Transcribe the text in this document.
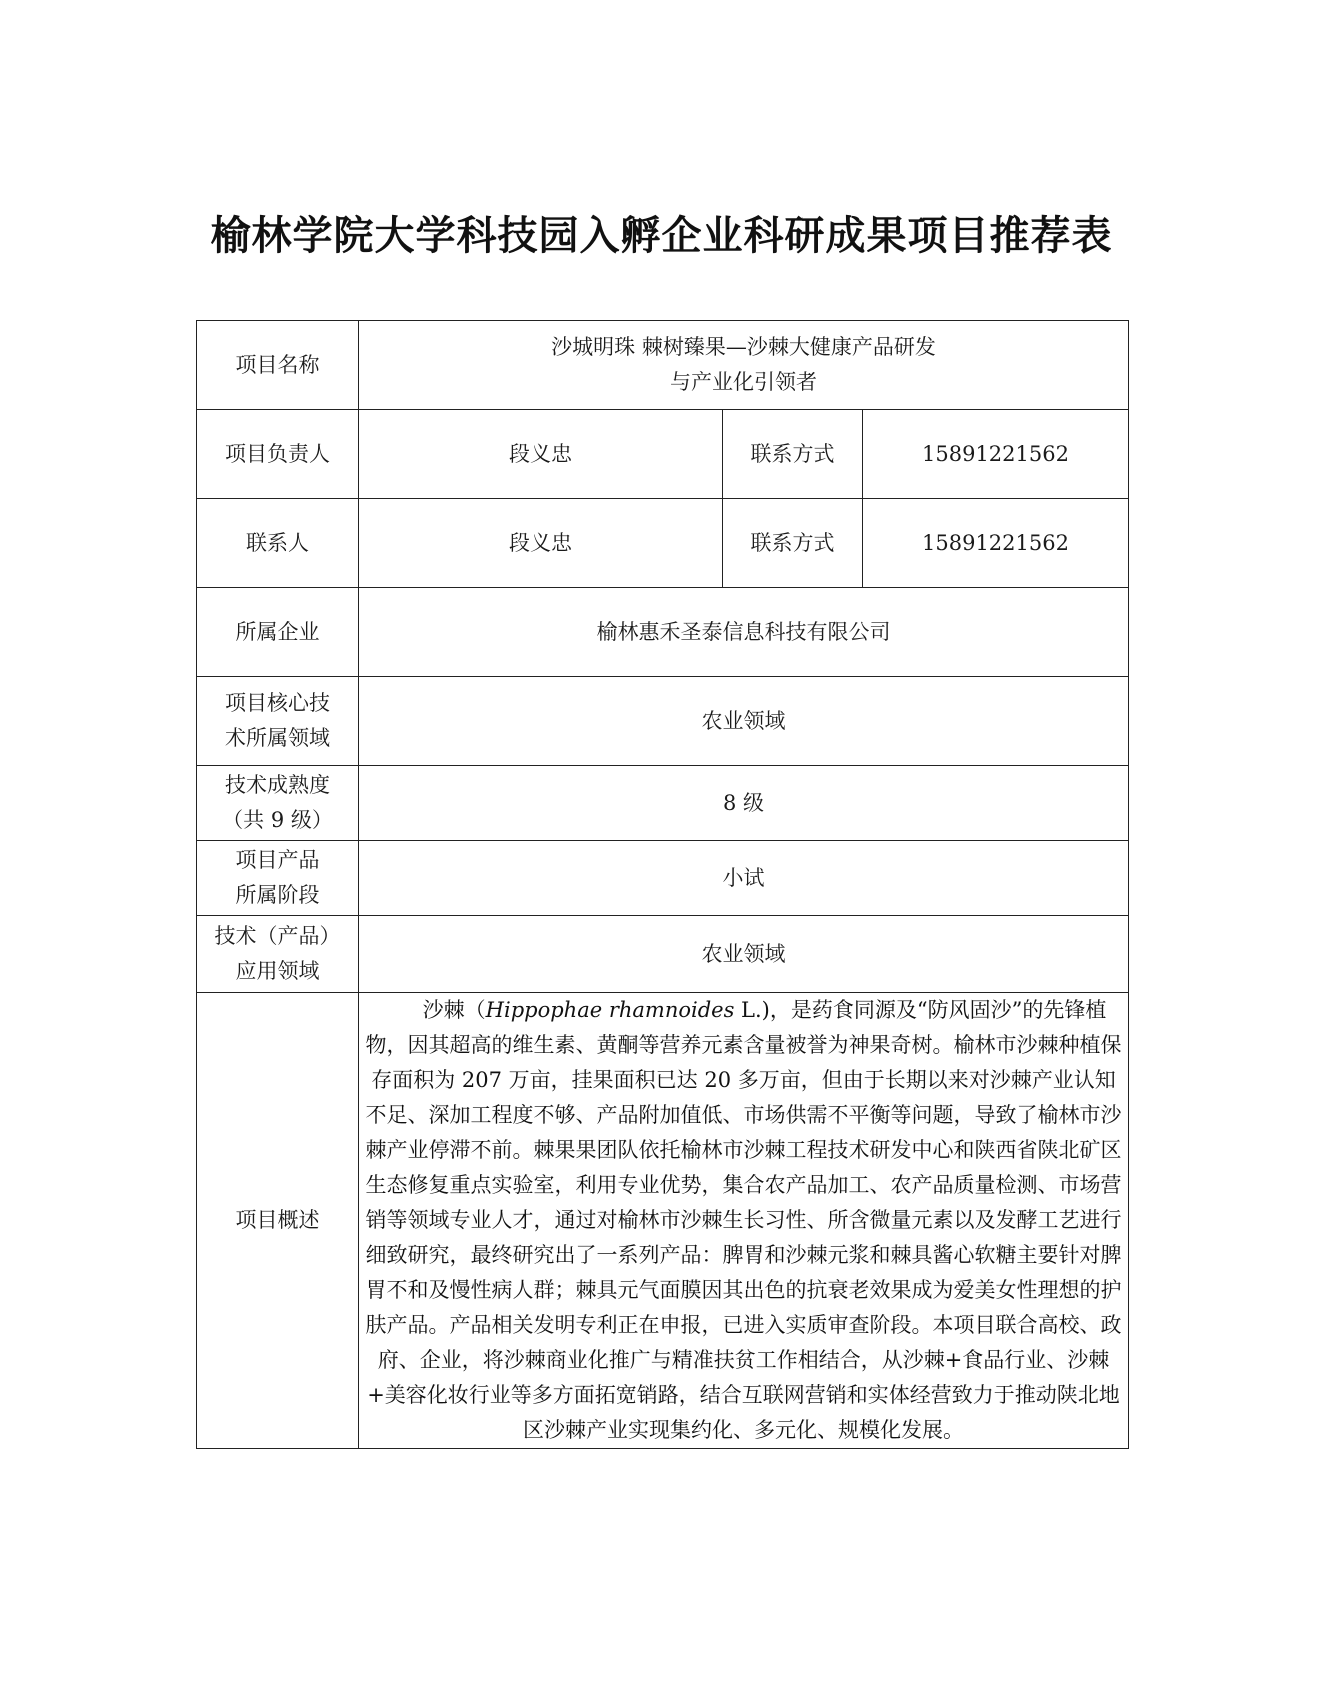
榆林学院大学科技园入孵企业科研成果项目推荐表
项目名称	沙城明珠 棘树臻果—沙棘大健康产品研发
与产业化引领者		

项目负责人	段义忠	联系方式	15891221562
联系人	段义忠	联系方式	15891221562
所属企业	榆林惠禾圣泰信息科技有限公司		

项目核心技
术所属领域	农业领域		

技术成熟度
（共 9 级）	8 级		

项目产品
所属阶段	小试		

技术（产品）
应用领域	农业领域		
项目概述	沙棘（Hippophae rhamnoides L.)，是药食同源及“防风固沙”的先锋植物，因其超高的维生素、黄酮等营养元素含量被誉为神果奇树。榆林市沙棘种植保存面积为 207 万亩，挂果面积已达 20 多万亩，但由于长期以来对沙棘产业认知不足、深加工程度不够、产品附加值低、市场供需不平衡等问题，导致了榆林市沙棘产业停滞不前。棘果果团队依托榆林市沙棘工程技术研发中心和陕西省陕北矿区生态修复重点实验室，利用专业优势，集合农产品加工、农产品质量检测、市场营销等领域专业人才，通过对榆林市沙棘生长习性、所含微量元素以及发酵工艺进行细致研究，最终研究出了一系列产品：脾胃和沙棘元浆和棘具酱心软糖主要针对脾胃不和及慢性病人群；棘具元气面膜因其出色的抗衰老效果成为爱美女性理想的护肤产品。产品相关发明专利正在申报，已进入实质审查阶段。本项目联合高校、政府、企业，将沙棘商业化推广与精准扶贫工作相结合，从沙棘+食品行业、沙棘+美容化妆行业等多方面拓宽销路，结合互联网营销和实体经营致力于推动陕北地区沙棘产业实现集约化、多元化、规模化发展。		
